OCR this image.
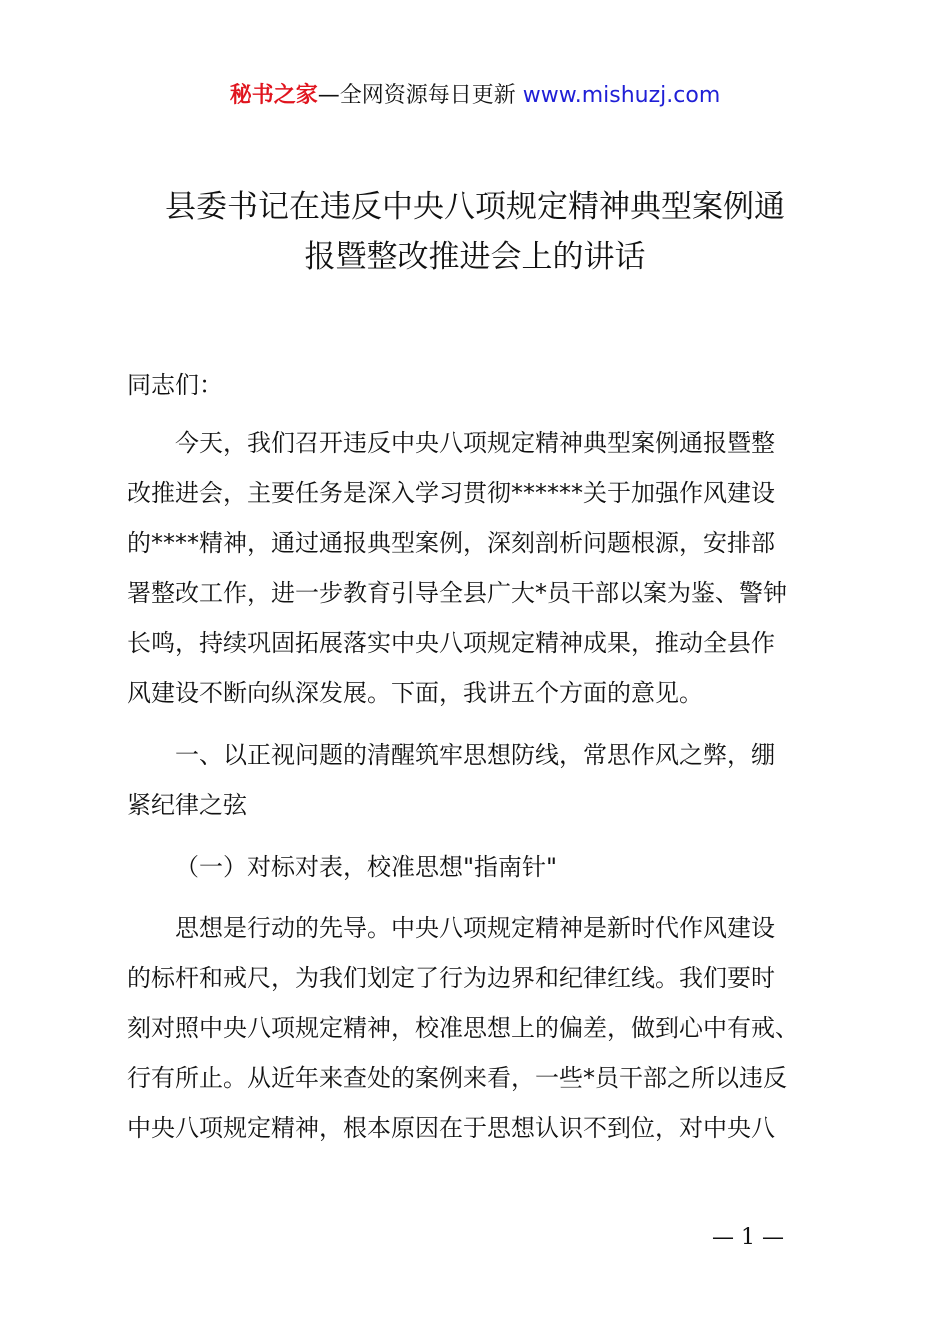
秘书之家—全网资源每日更新 www.mishuzj.com
县委书记在违反中央八项规定精神典型案例通
报暨整改推进会上的讲话
同志们：
今天，我们召开违反中央八项规定精神典型案例通报暨整
改推进会，主要任务是深入学习贯彻******关于加强作风建设
的****精神，通过通报典型案例，深刻剖析问题根源，安排部
署整改工作，进一步教育引导全县广大*员干部以案为鉴、警钟
长鸣，持续巩固拓展落实中央八项规定精神成果，推动全县作
风建设不断向纵深发展。下面，我讲五个方面的意见。
一、以正视问题的清醒筑牢思想防线，常思作风之弊，绷
紧纪律之弦
（一）对标对表，校准思想"指南针"
思想是行动的先导。中央八项规定精神是新时代作风建设
的标杆和戒尺，为我们划定了行为边界和纪律红线。我们要时
刻对照中央八项规定精神，校准思想上的偏差，做到心中有戒、
行有所止。从近年来查处的案例来看，一些*员干部之所以违反
中央八项规定精神，根本原因在于思想认识不到位，对中央八
— 1 —
